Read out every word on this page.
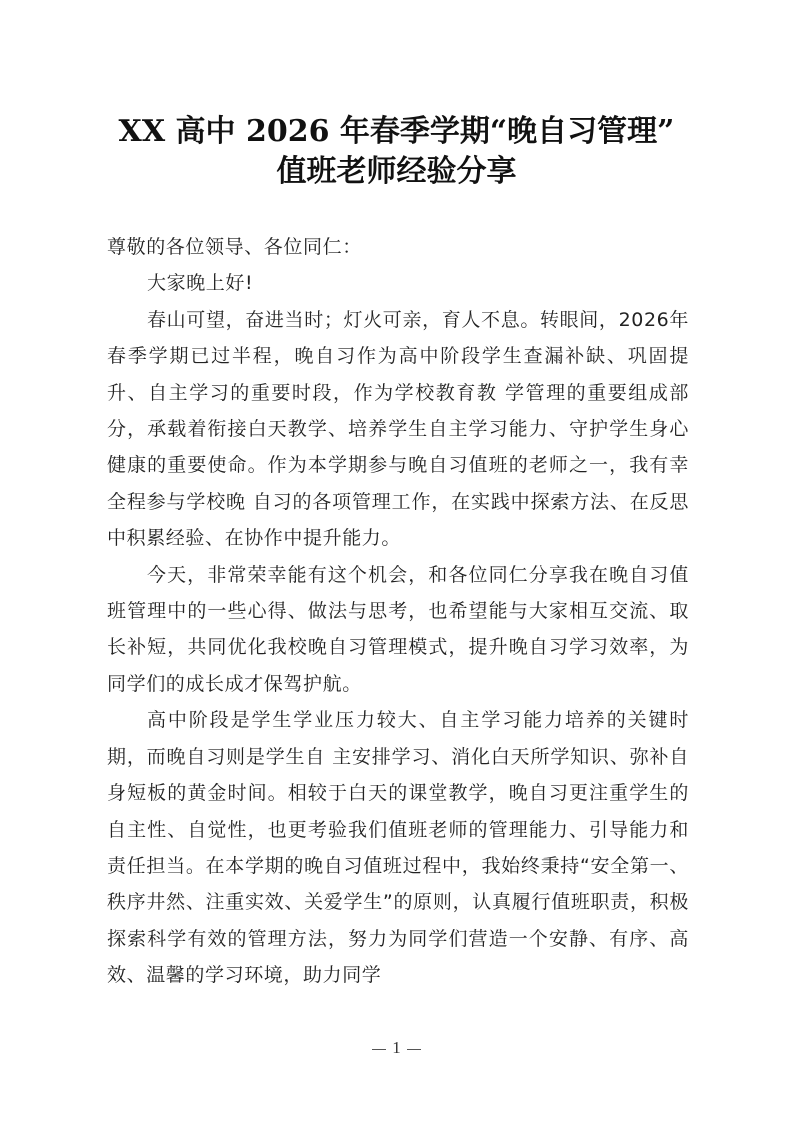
XX 高中 2026 年春季学期“晚自习管理”
值班老师经验分享

尊敬的各位领导、各位同仁：

大家晚上好!

春山可望，奋进当时；灯火可亲，育人不息。转眼间，2026年春季学期已过半程，晚自习作为高中阶段学生查漏补缺、巩固提升、自主学习的重要时段，作为学校教育教 学管理的重要组成部分，承载着衔接白天教学、培养学生自主学习能力、守护学生身心健康的重要使命。作为本学期参与晚自习值班的老师之一，我有幸全程参与学校晚 自习的各项管理工作，在实践中探索方法、在反思中积累经验、在协作中提升能力。

今天，非常荣幸能有这个机会，和各位同仁分享我在晚自习值班管理中的一些心得、做法与思考，也希望能与大家相互交流、取长补短，共同优化我校晚自习管理模式，提升晚自习学习效率，为同学们的成长成才保驾护航。

高中阶段是学生学业压力较大、自主学习能力培养的关键时期，而晚自习则是学生自 主安排学习、消化白天所学知识、弥补自身短板的黄金时间。相较于白天的课堂教学，晚自习更注重学生的自主性、自觉性，也更考验我们值班老师的管理能力、引导能力和责任担当。在本学期的晚自习值班过程中，我始终秉持“安全第一、秩序井然、注重实效、关爱学生”的原则，认真履行值班职责，积极探索科学有效的管理方法，努力为同学们营造一个安静、有序、高效、温馨的学习环境，助力同学

1
